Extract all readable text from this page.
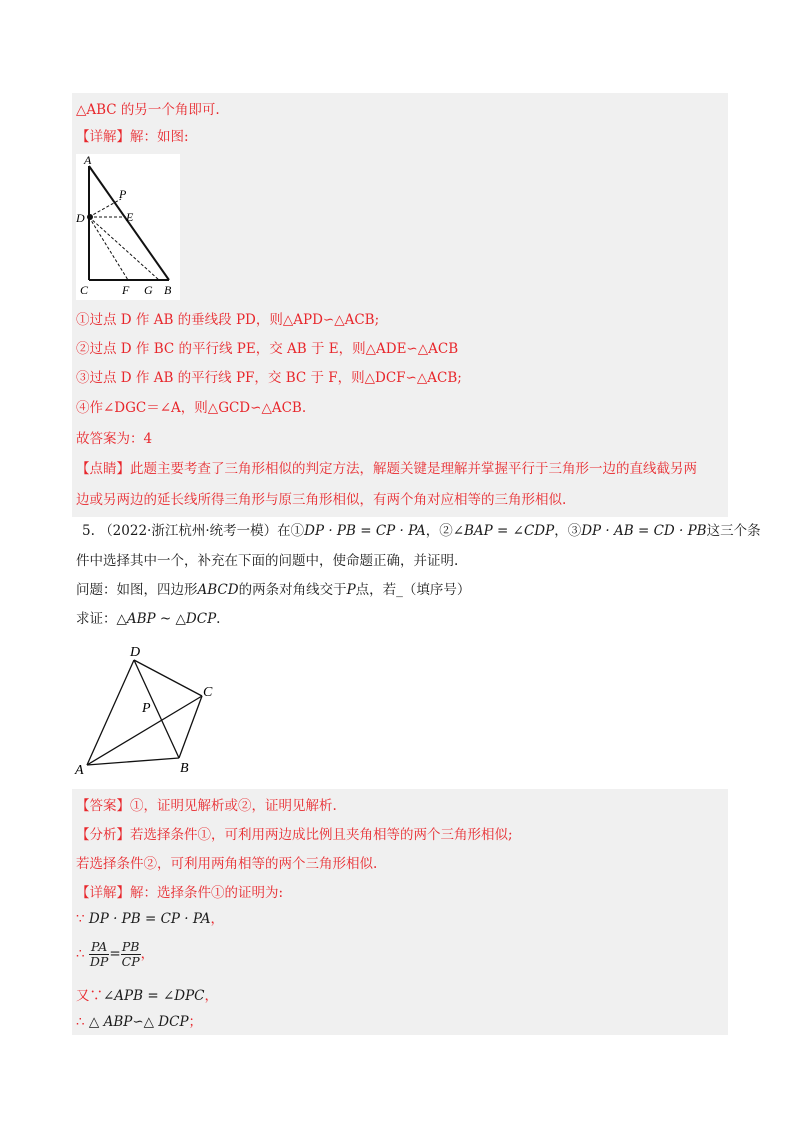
△ABC 的另一个角即可.
【详解】解：如图:
A
P
D	E
C	F G B
①过点 D 作 AB 的垂线段 PD，则△APD∽△ACB;
②过点 D 作 BC 的平行线 PE，交 AB 于 E，则△ADE∽△ACB
③过点 D 作 AB 的平行线 PF，交 BC 于 F，则△DCF∽△ACB;
④作∠DGC＝∠A，则△GCD∽△ACB.
故答案为：4
【点睛】此题主要考查了三角形相似的判定方法，解题关键是理解并掌握平行于三角形一边的直线截另两
边或另两边的延长线所得三角形与原三角形相似，有两个角对应相等的三角形相似.
5. （2022·浙江杭州·统考一模）在①DP · PB = CP · PA，②∠BAP = ∠CDP，③DP · AB = CD · PB这三个条
件中选择其中一个，补充在下面的问题中，使命题正确，并证明.
问题：如图，四边形ABCD的两条对角线交于P点，若_（填序号）
求证：△ABP ~ △DCP.
D
C
P
A	B
【答案】①，证明见解析或②，证明见解析.
【分析】若选择条件①，可利用两边成比例且夹角相等的两个三角形相似;
若选择条件②，可利用两角相等的两个三角形相似.
【详解】解：选择条件①的证明为:
∵ DP · PB = CP · PA，
∴ $\frac{PA}{DP} = \frac{PB}{CP}$ ，
又∵∠APB = ∠DPC，
∴ △ ABP∽△ DCP；
